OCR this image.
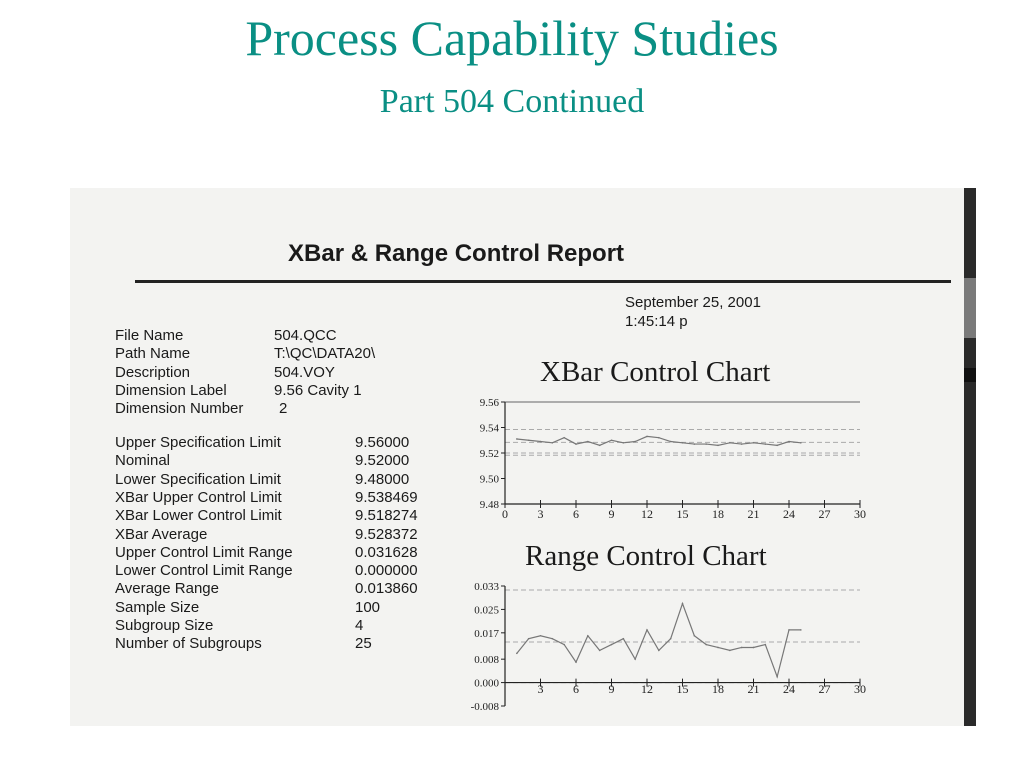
Process Capability Studies
Part 504 Continued
XBar & Range Control Report
September 25, 2001
1:45:14 p
File Name	504.QCC
Path Name	T:\QC\DATA20\
Description	504.VOY
Dimension Label	9.56 Cavity 1
Dimension Number 2
Upper Specification Limit	9.56000
Nominal	9.52000
Lower Specification Limit	9.48000
XBar Upper Control Limit	9.538469
XBar Lower Control Limit	9.518274
XBar Average	9.528372
Upper Control Limit Range	0.031628
Lower Control Limit Range	0.000000
Average Range	0.013860
Sample Size	100
Subgroup Size	4
Number of Subgroups	25
XBar Control Chart
9.48
9.50
9.52
9.54
9.56
0 3 6 9 12 15 18 21 24 27 30
Range Control Chart
-0.008
0.000
0.008
0.017
0.025
0.033
3 6 9 12 15 18 21 24 27 30
